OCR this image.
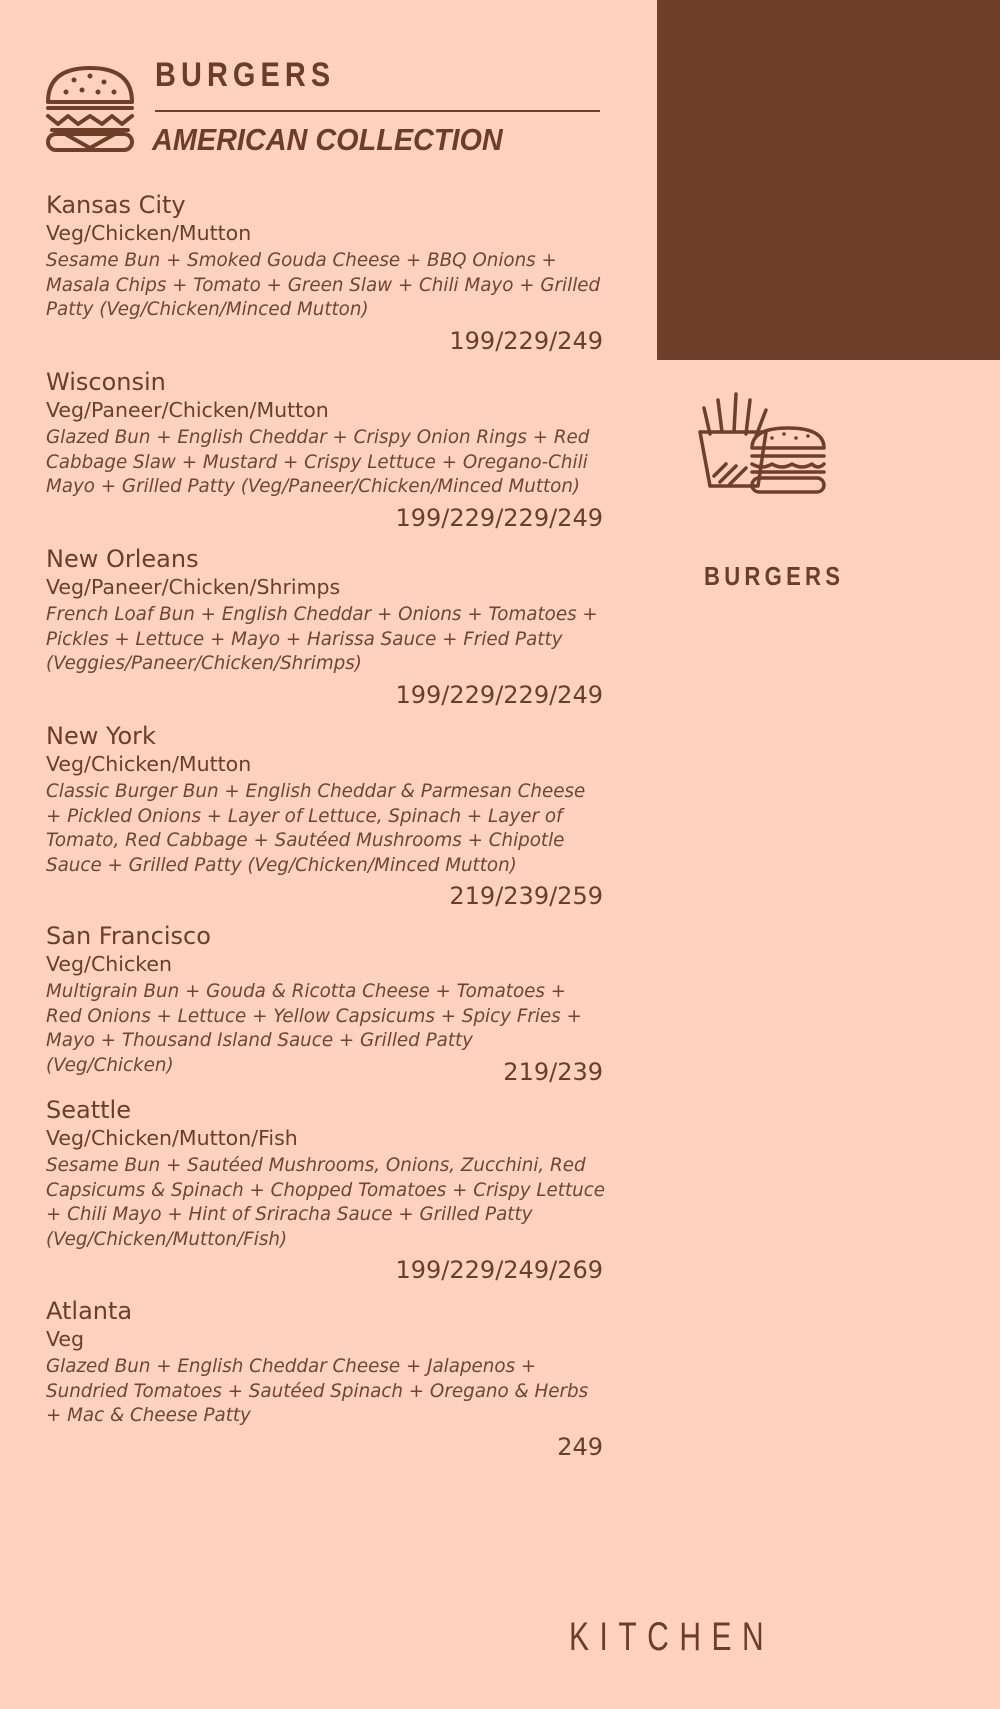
BURGERS
AMERICAN COLLECTION
Kansas City
Veg/Chicken/Mutton
Sesame Bun + Smoked Gouda Cheese + BBQ Onions + Masala Chips + Tomato + Green Slaw + Chili Mayo + Grilled Patty (Veg/Chicken/Minced Mutton)
199/229/249
Wisconsin
Veg/Paneer/Chicken/Mutton
Glazed Bun + English Cheddar + Crispy Onion Rings + Red Cabbage Slaw + Mustard + Crispy Lettuce + Oregano-Chili Mayo + Grilled Patty (Veg/Paneer/Chicken/Minced Mutton)
199/229/229/249
New Orleans
Veg/Paneer/Chicken/Shrimps
French Loaf Bun + English Cheddar + Onions + Tomatoes + Pickles + Lettuce + Mayo + Harissa Sauce + Fried Patty (Veggies/Paneer/Chicken/Shrimps)
199/229/229/249
New York
Veg/Chicken/Mutton
Classic Burger Bun + English Cheddar & Parmesan Cheese + Pickled Onions + Layer of Lettuce, Spinach + Layer of Tomato, Red Cabbage + Sautéed Mushrooms + Chipotle Sauce + Grilled Patty (Veg/Chicken/Minced Mutton)
219/239/259
San Francisco
Veg/Chicken
Multigrain Bun + Gouda & Ricotta Cheese + Tomatoes + Red Onions + Lettuce + Yellow Capsicums + Spicy Fries + Mayo + Thousand Island Sauce + Grilled Patty (Veg/Chicken)	219/239
Seattle
Veg/Chicken/Mutton/Fish
Sesame Bun + Sautéed Mushrooms, Onions, Zucchini, Red Capsicums & Spinach + Chopped Tomatoes + Crispy Lettuce + Chili Mayo + Hint of Sriracha Sauce + Grilled Patty (Veg/Chicken/Mutton/Fish)
199/229/249/269
Atlanta
Veg
Glazed Bun + English Cheddar Cheese + Jalapenos + Sundried Tomatoes + Sautéed Spinach + Oregano & Herbs + Mac & Cheese Patty
249
BURGERS
KITCHEN
